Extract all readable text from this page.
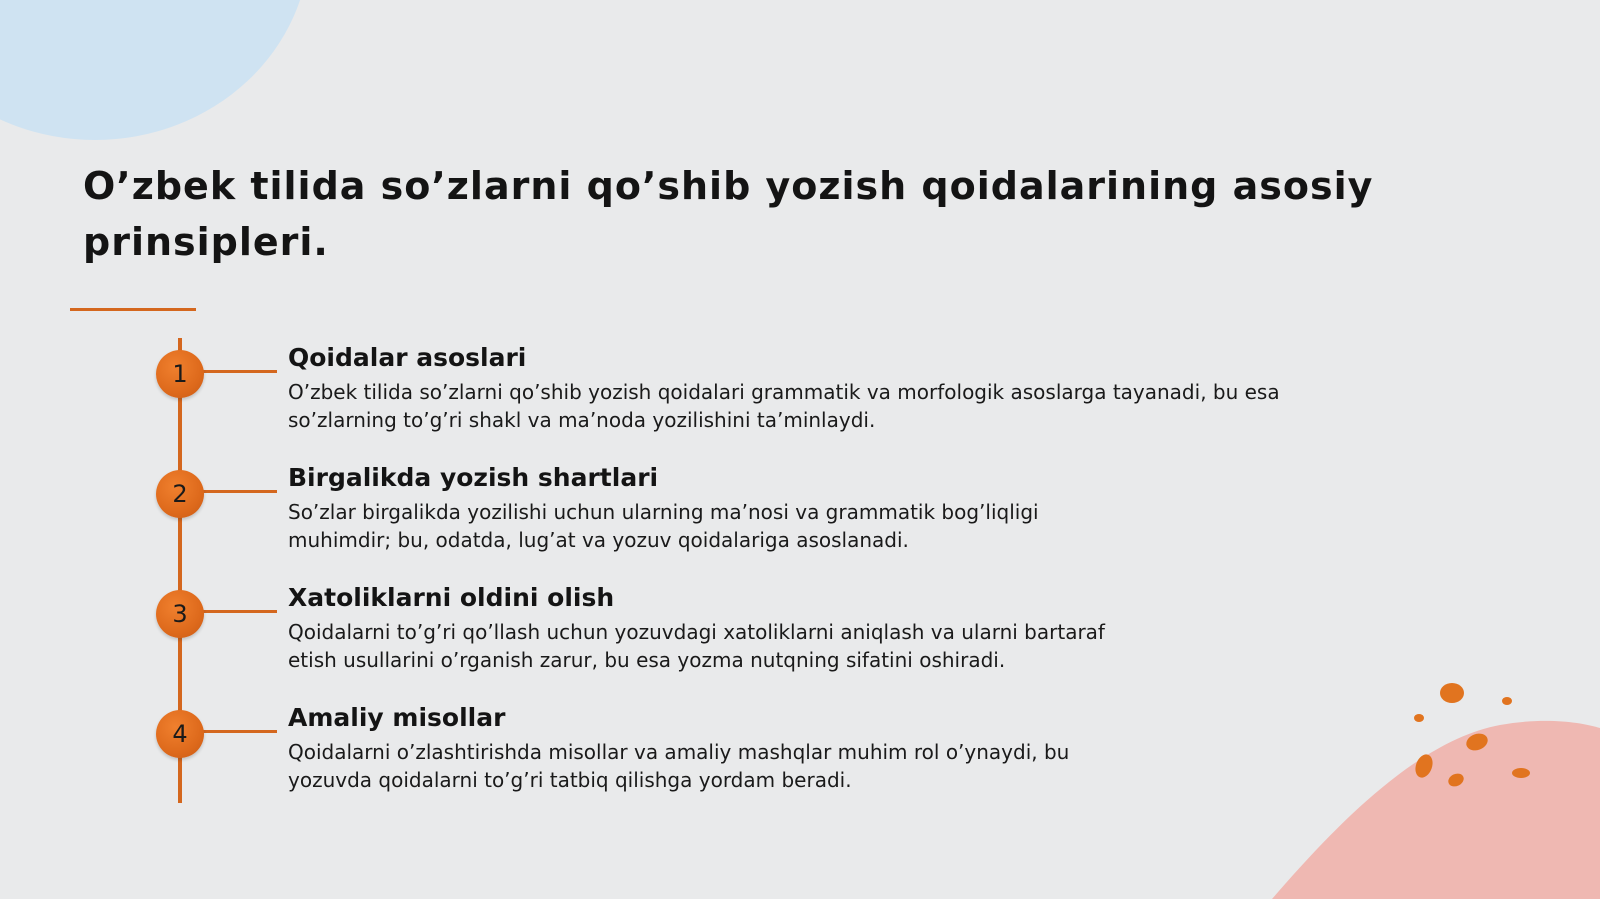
O’zbek tilida so’zlarni qo’shib yozish qoidalarining asosiy prinsipleri.
1
Qoidalar asoslari

O’zbek tilida so’zlarni qo’shib yozish qoidalari grammatik va morfologik asoslarga tayanadi, bu esa so’zlarning to’g’ri shakl va ma’noda yozilishini ta’minlaydi.

2
Birgalikda yozish shartlari

So’zlar birgalikda yozilishi uchun ularning ma’nosi va grammatik bog’liqligi muhimdir; bu, odatda, lug’at va yozuv qoidalariga asoslanadi.

3
Xatoliklarni oldini olish

Qoidalarni to’g’ri qo’llash uchun yozuvdagi xatoliklarni aniqlash va ularni bartaraf etish usullarini o’rganish zarur, bu esa yozma nutqning sifatini oshiradi.

4
Amaliy misollar

Qoidalarni o’zlashtirishda misollar va amaliy mashqlar muhim rol o’ynaydi, bu yozuvda qoidalarni to’g’ri tatbiq qilishga yordam beradi.
